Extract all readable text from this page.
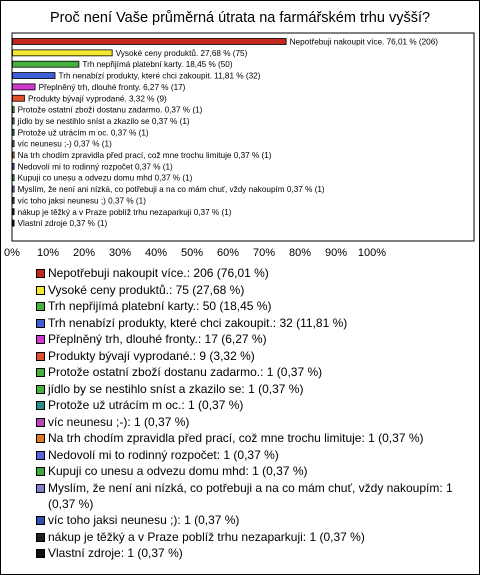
Proč není Vaše průměrná útrata na farmářském trhu vyšší?
Nepotřebuji nakoupit více. 76,01 % (206)
Vysoké ceny produktů. 27,68 % (75)
Trh nepřijímá platební karty. 18,45 % (50)
Trh nenabízí produkty, které chci zakoupit. 11,81 % (32)
Přeplněný trh, dlouhé fronty. 6,27 % (17)
Produkty bývají vyprodané. 3,32 % (9)
Protože ostatní zboží dostanu zadarmo. 0,37 % (1)
jídlo by se nestihlo sníst a zkazilo se 0,37 % (1)
Protože už utrácím m oc. 0,37 % (1)
víc neunesu ;-) 0,37 % (1)
Na trh chodím zpravidla před prací, což mne trochu limituje 0,37 % (1)
Nedovolí mi to rodinný rozpočet 0,37 % (1)
Kupuji co unesu a odvezu domu mhd 0,37 % (1)
Myslím, že není ani nízká, co potřebuji a na co mám chuť, vždy nakoupím 0,37 % (1)
víc toho jaksi neunesu ;) 0,37 % (1)
nákup je těžký a v Praze poblíž trhu nezaparkuji 0,37 % (1)
Vlastní zdroje 0,37 % (1)
0% 10% 20% 30% 40% 50% 60% 70% 80% 90% 100%
Nepotřebuji nakoupit více.: 206 (76,01 %)
Vysoké ceny produktů.: 75 (27,68 %)
Trh nepřijímá platební karty.: 50 (18,45 %)
Trh nenabízí produkty, které chci zakoupit.: 32 (11,81 %)
Přeplněný trh, dlouhé fronty.: 17 (6,27 %)
Produkty bývají vyprodané.: 9 (3,32 %)
Protože ostatní zboží dostanu zadarmo.: 1 (0,37 %)
jídlo by se nestihlo sníst a zkazilo se: 1 (0,37 %)
Protože už utrácím m oc.: 1 (0,37 %)
víc neunesu ;-): 1 (0,37 %)
Na trh chodím zpravidla před prací, což mne trochu limituje: 1 (0,37 %)
Nedovolí mi to rodinný rozpočet: 1 (0,37 %)
Kupuji co unesu a odvezu domu mhd: 1 (0,37 %)
Myslím, že není ani nízká, co potřebuji a na co mám chuť, vždy nakoupím: 1 (0,37 %)
víc toho jaksi neunesu ;): 1 (0,37 %)
nákup je těžký a v Praze poblíž trhu nezaparkuji: 1 (0,37 %)
Vlastní zdroje: 1 (0,37 %)
